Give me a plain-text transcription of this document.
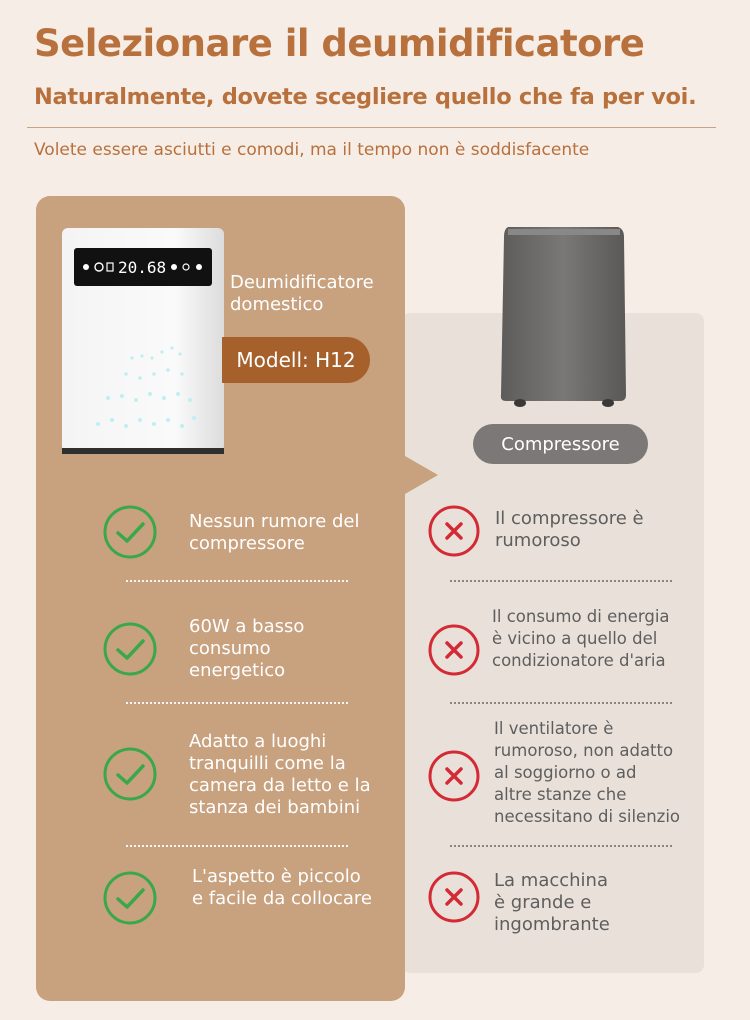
Selezionare il deumidificatore
Naturalmente, dovete scegliere quello che fa per voi.

Volete essere asciutti e comodi, ma il tempo non è soddisfacente

Compressore
20.68

Deumidificatore
domestico

Modell: H12

Nessun rumore del
compressore

60W a basso
consumo
energetico

Adatto a luoghi
tranquilli come la
camera da letto e la
stanza dei bambini

L'aspetto è piccolo
e facile da collocare

Il compressore è
rumoroso

Il consumo di energia
è vicino a quello del
condizionatore d'aria

Il ventilatore è
rumoroso, non adatto
al soggiorno o ad
altre stanze che
necessitano di silenzio

La macchina
è grande e
ingombrante
